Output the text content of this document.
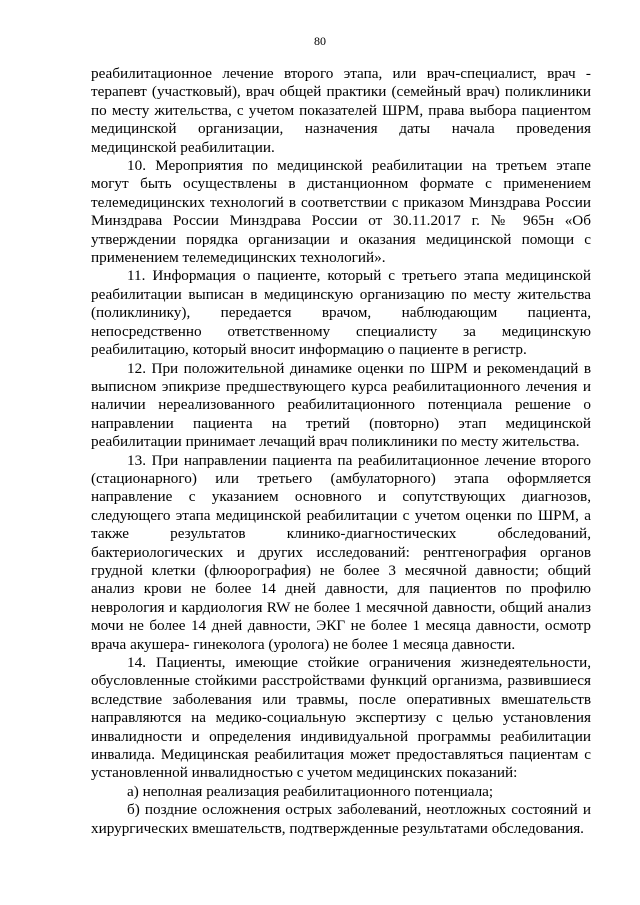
80

реабилитационное лечение второго этапа, или врач-специалист, врач - терапевт (участковый), врач общей практики (семейный врач) поликлиники по месту жительства, с учетом показателей ШРМ, права выбора пациентом медицинской организации, назначения даты начала проведения медицинской реабилитации.

10. Мероприятия по медицинской реабилитации на третьем этапе могут быть осуществлены в дистанционном формате с применением телемедицинских технологий в соответствии с приказом Минздрава России Минздрава России Минздрава России от 30.11.2017 г. № 965н «Об утверждении порядка организации и оказания медицинской помощи с применением телемедицинских технологий».

11. Информация о пациенте, который с третьего этапа медицинской реабилитации выписан в медицинскую организацию по месту жительства (поликлинику), передается врачом, наблюдающим пациента, непосредственно ответственному специалисту за медицинскую реабилитацию, который вносит информацию о пациенте в регистр.

12. При положительной динамике оценки по ШРМ и рекомендаций в выписном эпикризе предшествующего курса реабилитационного лечения и наличии нереализованного реабилитационного потенциала решение о направлении пациента на третий (повторно) этап медицинской реабилитации принимает лечащий врач поликлиники по месту жительства.

13. При направлении пациента па реабилитационное лечение второго (стационарного) или третьего (амбулаторного) этапа оформляется направление с указанием основного и сопутствующих диагнозов, следующего этапа медицинской реабилитации с учетом оценки по ШРМ, а также результатов клинико-диагностических обследований, бактериологических и других исследований: рентгенография органов грудной клетки (флюорография) не более 3 месячной давности; общий анализ крови не более 14 дней давности, для пациентов по профилю неврология и кардиология RW не более 1 месячной давности, общий анализ мочи не более 14 дней давности, ЭКГ не более 1 месяца давности, осмотр врача акушера- гинеколога (уролога) не более 1 месяца давности.

14. Пациенты, имеющие стойкие ограничения жизнедеятельности, обусловленные стойкими расстройствами функций организма, развившиеся вследствие заболевания или травмы, после оперативных вмешательств направляются на медико-социальную экспертизу с целью установления инвалидности и определения индивидуальной программы реабилитации инвалида. Медицинская реабилитация может предоставляться пациентам с установленной инвалидностью с учетом медицинских показаний:

а) неполная реализация реабилитационного потенциала;

б) поздние осложнения острых заболеваний, неотложных состояний и хирургических вмешательств, подтвержденные результатами обследования.
